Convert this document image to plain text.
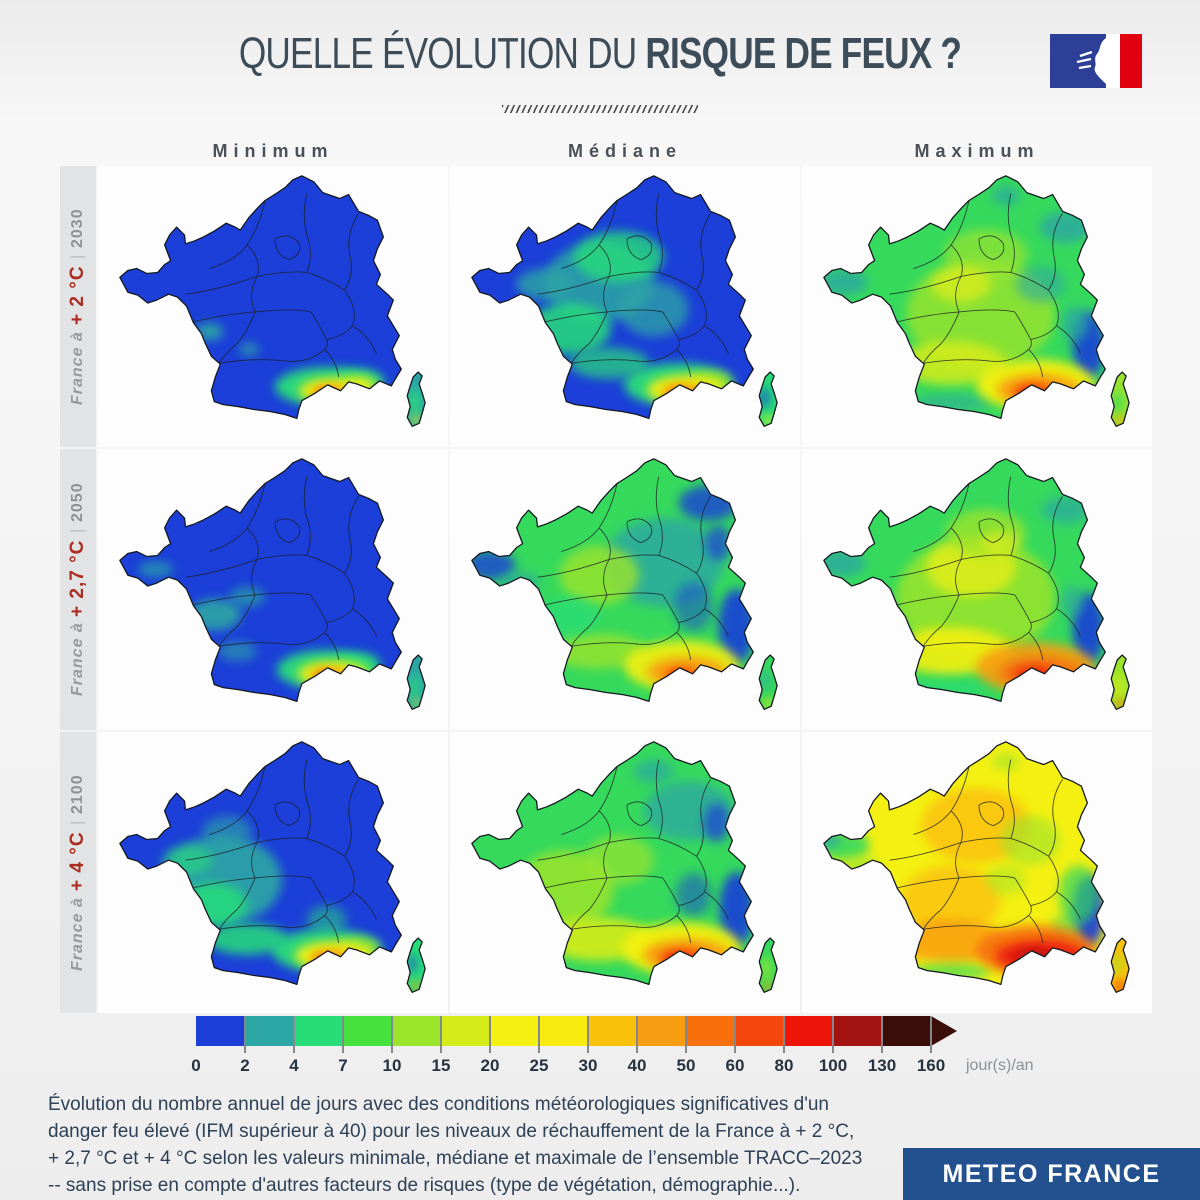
QUELLE ÉVOLUTION DU RISQUE DE FEUX ?
Minimum	Médiane	Maximum
France à
+ 2 °C
|
2030
France à
+ 2,7 °C
|
2050
France à
+ 4 °C
|
2100
0 2 4 7 10 15 20 25 30 40 50 60 80 100 130 160 jour(s)/an
Évolution du nombre annuel de jours avec des conditions météorologiques significatives d'un
danger feu élevé (IFM supérieur à 40) pour les niveaux de réchauffement de la France à + 2 °C,
+ 2,7 °C et + 4 °C selon les valeurs minimale, médiane et maximale de l’ensemble TRACC–2023
-- sans prise en compte d'autres facteurs de risques (type de végétation, démographie...).	METEO FRANCE
